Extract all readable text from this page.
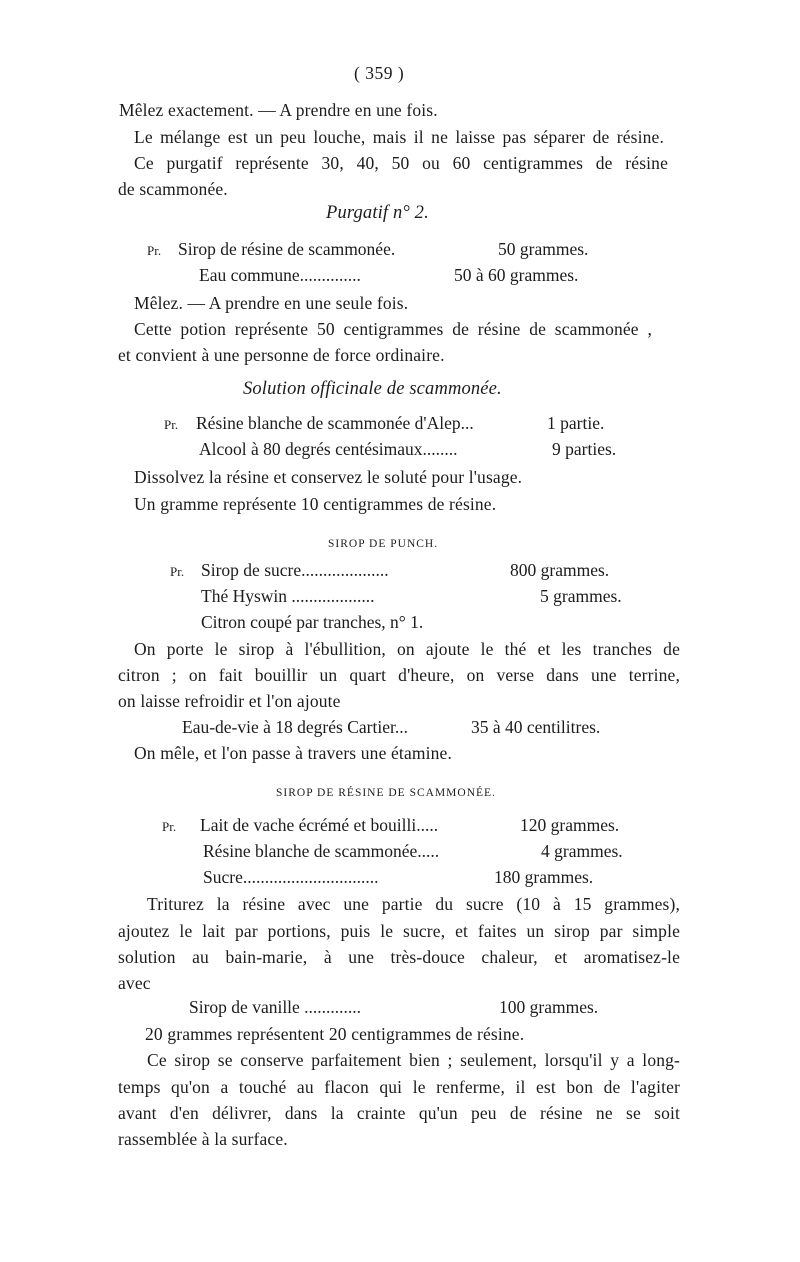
( 359 )
Mêlez exactement. — A prendre en une fois.
Le mélange est un peu louche, mais il ne laisse pas séparer de résine.
Ce purgatif représente 30, 40, 50 ou 60 centigrammes de résine
de scammonée.
Purgatif n° 2.
Pr. Sirop de résine de scammonée.	50 grammes.
Eau commune..............	50 à 60 grammes.
Mêlez. — A prendre en une seule fois.
Cette potion représente 50 centigrammes de résine de scammonée ,
et convient à une personne de force ordinaire.
Solution officinale de scammonée.
Pr. Résine blanche de scammonée d'Alep...	1 partie.
Alcool à 80 degrés centésimaux........	9 parties.
Dissolvez la résine et conservez le soluté pour l'usage.
Un gramme représente 10 centigrammes de résine.
SIROP DE PUNCH.
Pr. Sirop de sucre....................	800 grammes.
Thé Hyswin ...................	5 grammes.
Citron coupé par tranches, n° 1.
On porte le sirop à l'ébullition, on ajoute le thé et les tranches de
citron ; on fait bouillir un quart d'heure, on verse dans une terrine,
on laisse refroidir et l'on ajoute
Eau-de-vie à 18 degrés Cartier...	35 à 40 centilitres.
On mêle, et l'on passe à travers une étamine.
SIROP DE RÉSINE DE SCAMMONÉE.
Pr. Lait de vache écrémé et bouilli.....	120 grammes.
Résine blanche de scammonée.....	4 grammes.
Sucre...............................	180 grammes.
Triturez la résine avec une partie du sucre (10 à 15 grammes),
ajoutez le lait par portions, puis le sucre, et faites un sirop par simple
solution au bain-marie, à une très-douce chaleur, et aromatisez-le
avec
Sirop de vanille .............	100 grammes.
20 grammes représentent 20 centigrammes de résine.
Ce sirop se conserve parfaitement bien ; seulement, lorsqu'il y a long-
temps qu'on a touché au flacon qui le renferme, il est bon de l'agiter
avant d'en délivrer, dans la crainte qu'un peu de résine ne se soit
rassemblée à la surface.
